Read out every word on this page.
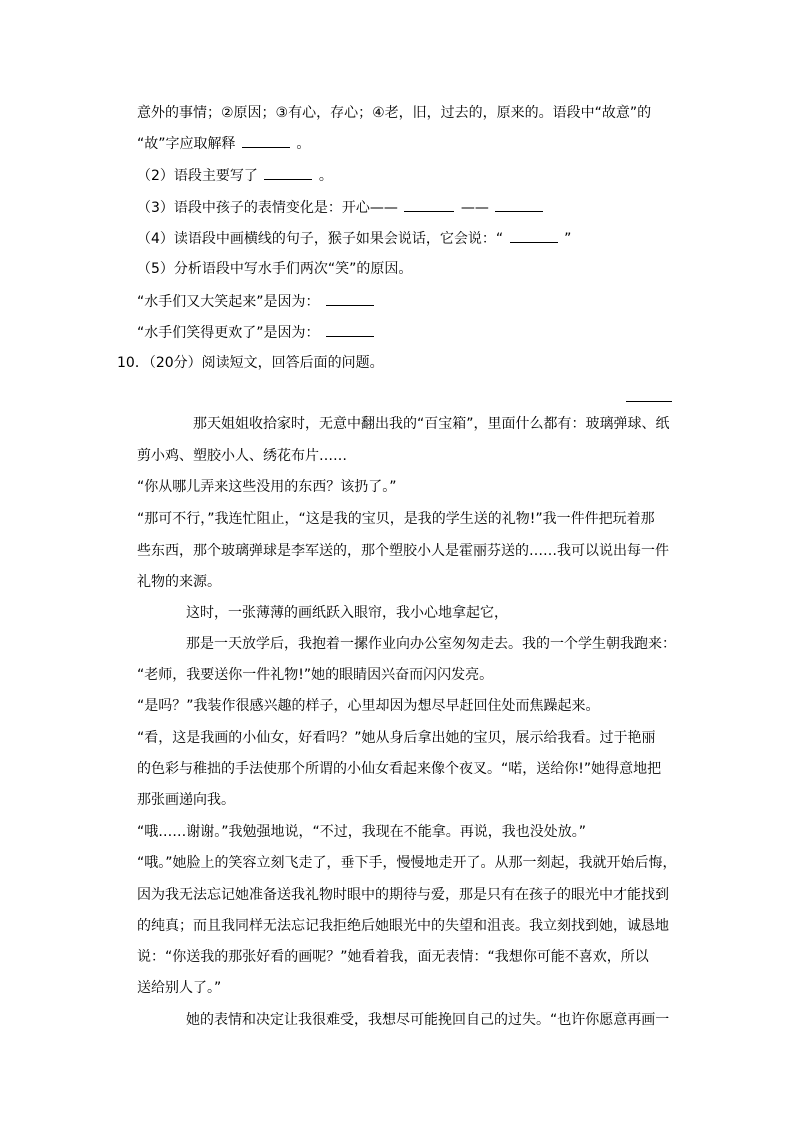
意外的事情；②原因；③有心，存心；④老，旧，过去的，原来的。语段中“故意”的
“故”字应取解释	。
（2）语段主要写了	。
（3）语段中孩子的表情变化是：开心——	——
（4）读语段中画横线的句子，猴子如果会说话，它会说：“	”
（5）分析语段中写水手们两次“笑”的原因。
“水手们又大笑起来”是因为：
“水手们笑得更欢了”是因为：
10．（20分）阅读短文，回答后面的问题。
那天姐姐收拾家时，无意中翻出我的“百宝箱”，里面什么都有：玻璃弹球、纸
剪小鸡、塑胶小人、绣花布片……
“你从哪儿弄来这些没用的东西？该扔了。”
“那可不行，”我连忙阻止，“这是我的宝贝，是我的学生送的礼物!”我一件件把玩着那
些东西，那个玻璃弹球是李军送的，那个塑胶小人是霍丽芬送的……我可以说出每一件
礼物的来源。
这时，一张薄薄的画纸跃入眼帘，我小心地拿起它，
那是一天放学后，我抱着一摞作业向办公室匆匆走去。我的一个学生朝我跑来：
“老师，我要送你一件礼物!”她的眼睛因兴奋而闪闪发亮。
“是吗？”我装作很感兴趣的样子，心里却因为想尽早赶回住处而焦躁起来。
“看，这是我画的小仙女，好看吗？”她从身后拿出她的宝贝，展示给我看。过于艳丽
的色彩与稚拙的手法使那个所谓的小仙女看起来像个夜叉。“喏，送给你!”她得意地把
那张画递向我。
“哦……谢谢。”我勉强地说，“不过，我现在不能拿。再说，我也没处放。”
“哦。”她脸上的笑容立刻飞走了，垂下手，慢慢地走开了。从那一刻起，我就开始后悔，
因为我无法忘记她准备送我礼物时眼中的期待与爱，那是只有在孩子的眼光中才能找到
的纯真；而且我同样无法忘记我拒绝后她眼光中的失望和沮丧。我立刻找到她，诚恳地
说：“你送我的那张好看的画呢？”她看着我，面无表情：“我想你可能不喜欢，所以
送给别人了。”
她的表情和决定让我很难受，我想尽可能挽回自己的过失。“也许你愿意再画一
